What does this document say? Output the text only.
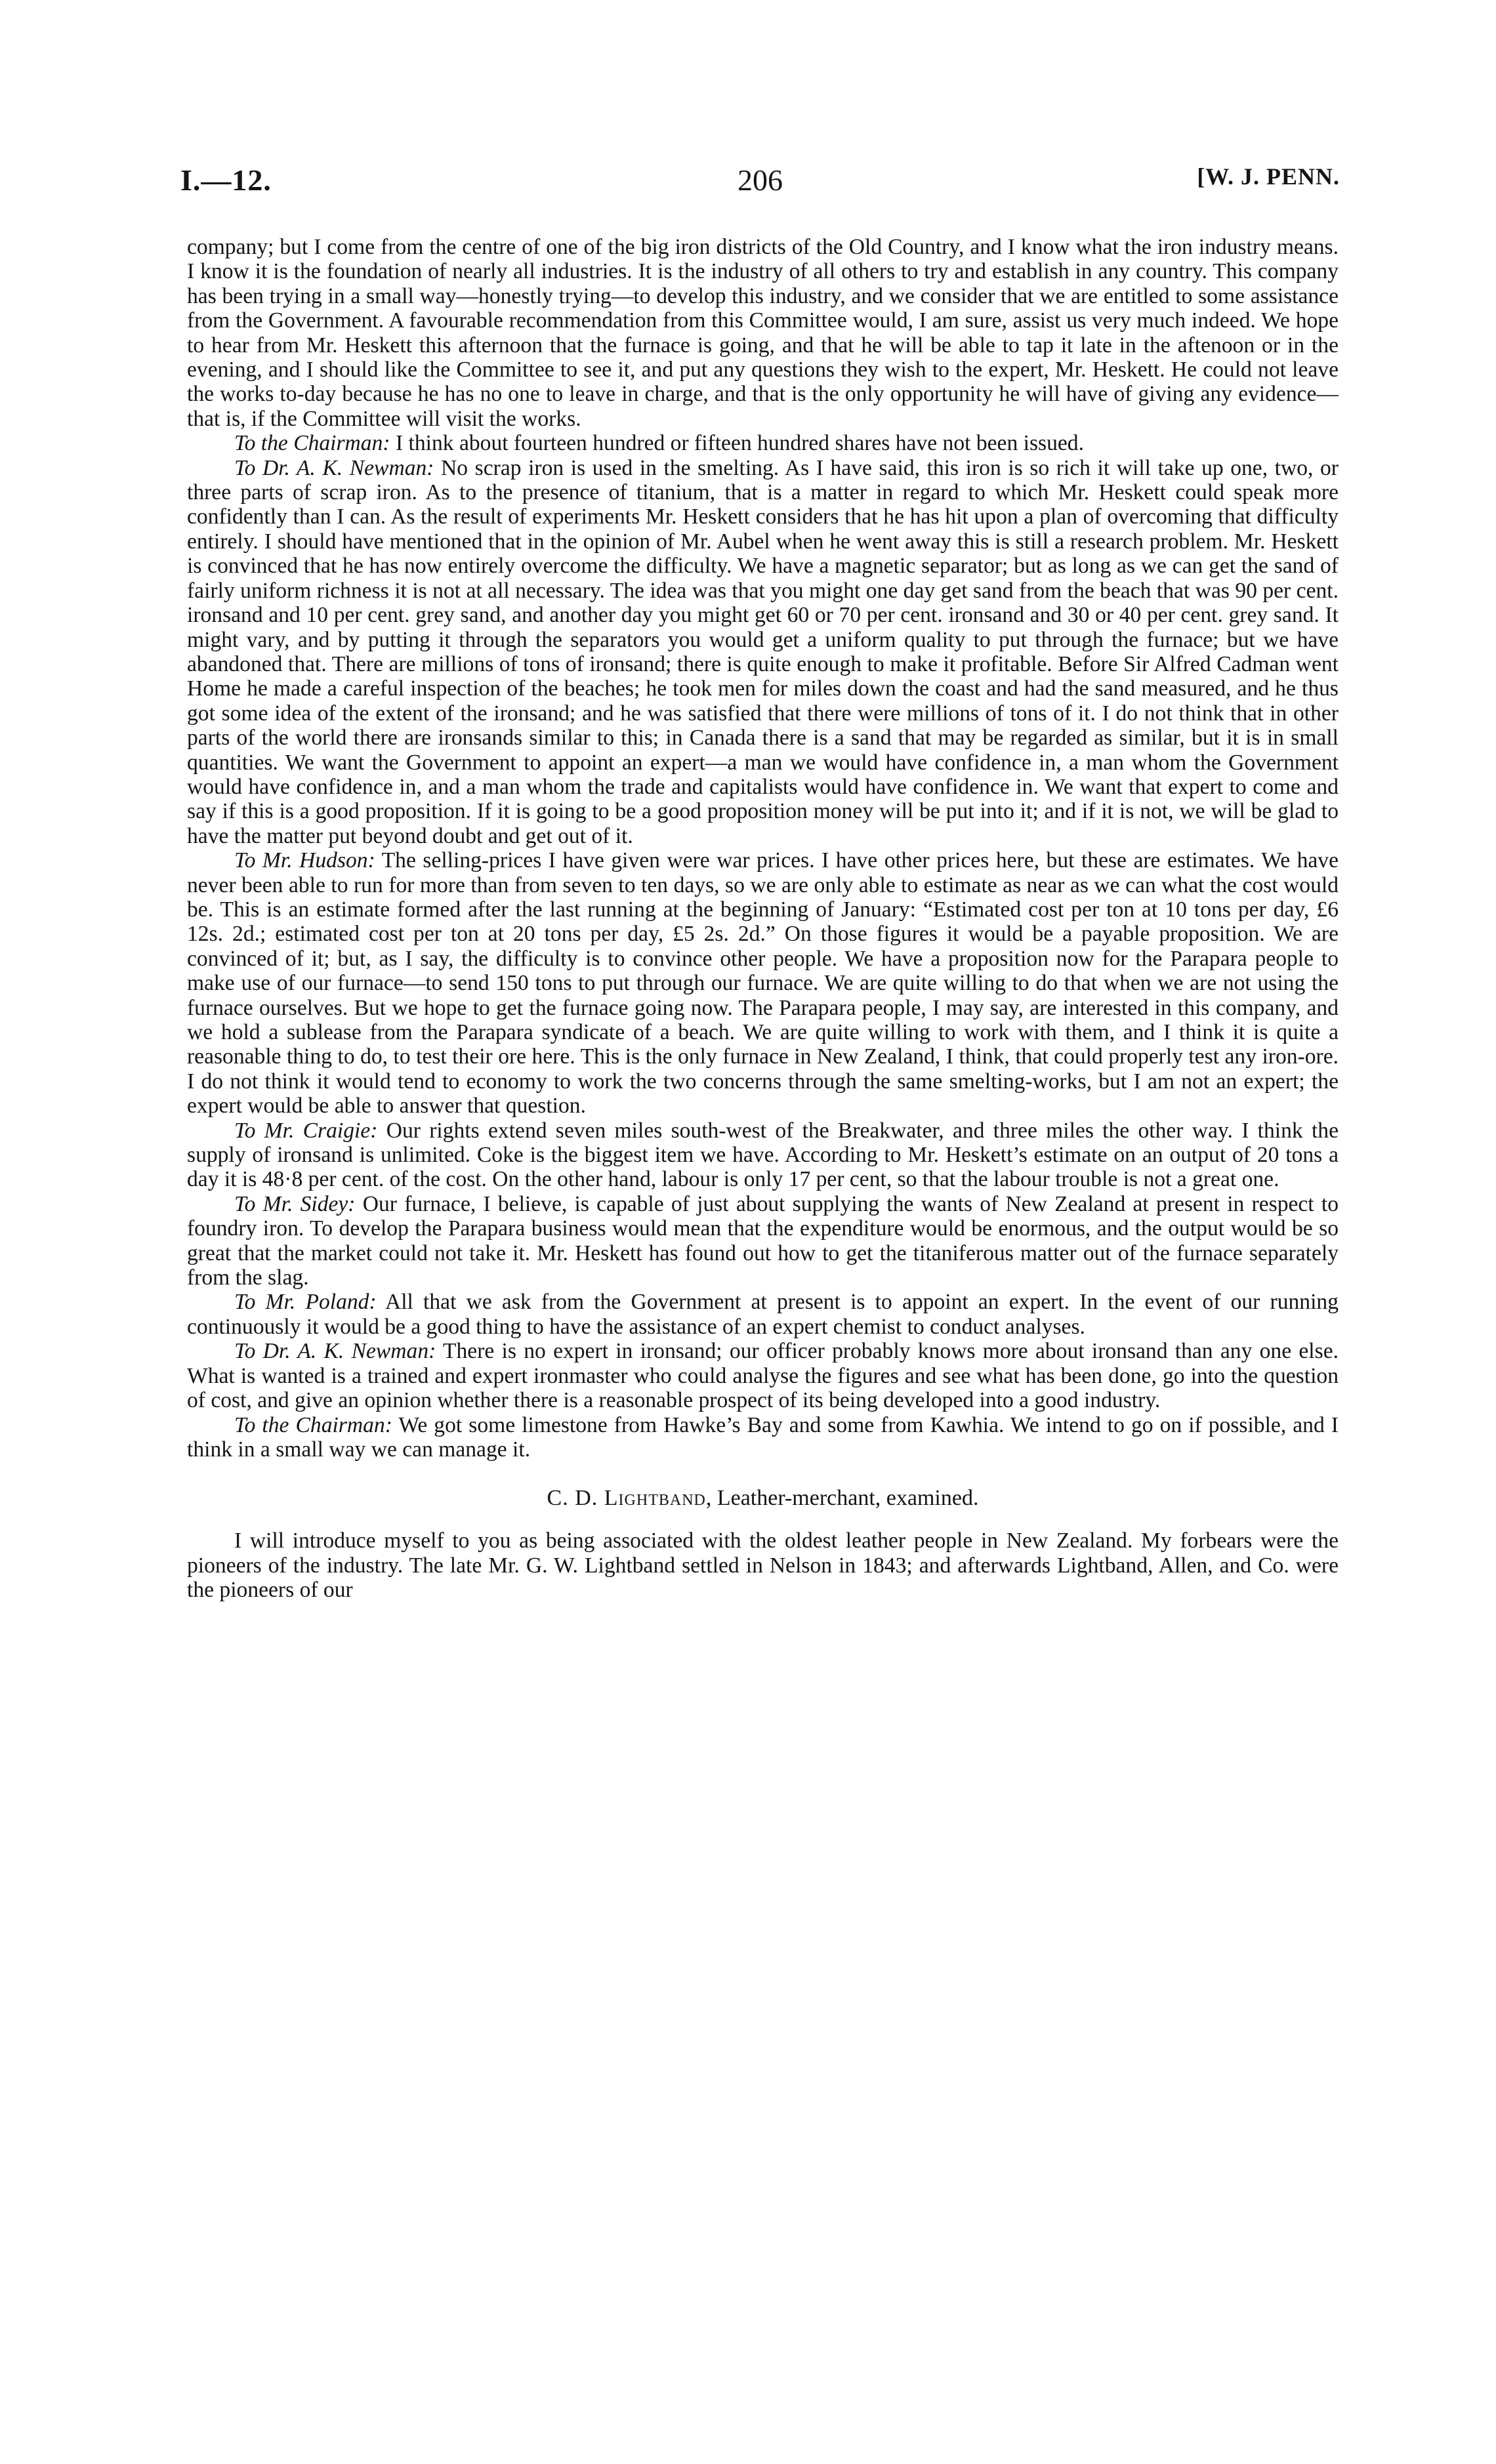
I.—12.	206	[W. J. PENN.

company; but I come from the centre of one of the big iron districts of the Old Country, and I know what the iron industry means. I know it is the foundation of nearly all industries. It is the industry of all others to try and establish in any country. This company has been trying in a small way—honestly trying—to develop this industry, and we consider that we are entitled to some assistance from the Government. A favourable recommendation from this Committee would, I am sure, assist us very much indeed. We hope to hear from Mr. Heskett this afternoon that the furnace is going, and that he will be able to tap it late in the aftenoon or in the evening, and I should like the Committee to see it, and put any questions they wish to the expert, Mr. Heskett. He could not leave the works to-day because he has no one to leave in charge, and that is the only opportunity he will have of giving any evidence—that is, if the Committee will visit the works.

To the Chairman: I think about fourteen hundred or fifteen hundred shares have not been issued.

To Dr. A. K. Newman: No scrap iron is used in the smelting. As I have said, this iron is so rich it will take up one, two, or three parts of scrap iron. As to the presence of titanium, that is a matter in regard to which Mr. Heskett could speak more confidently than I can. As the result of experiments Mr. Heskett considers that he has hit upon a plan of overcoming that difficulty entirely. I should have mentioned that in the opinion of Mr. Aubel when he went away this is still a research problem. Mr. Heskett is convinced that he has now entirely overcome the difficulty. We have a magnetic separator; but as long as we can get the sand of fairly uniform richness it is not at all necessary. The idea was that you might one day get sand from the beach that was 90 per cent. ironsand and 10 per cent. grey sand, and another day you might get 60 or 70 per cent. ironsand and 30 or 40 per cent. grey sand. It might vary, and by putting it through the separators you would get a uniform quality to put through the furnace; but we have abandoned that. There are millions of tons of ironsand; there is quite enough to make it profitable. Before Sir Alfred Cadman went Home he made a careful inspection of the beaches; he took men for miles down the coast and had the sand measured, and he thus got some idea of the extent of the ironsand; and he was satisfied that there were millions of tons of it. I do not think that in other parts of the world there are ironsands similar to this; in Canada there is a sand that may be regarded as similar, but it is in small quantities. We want the Government to appoint an expert—a man we would have confidence in, a man whom the Government would have confidence in, and a man whom the trade and capitalists would have confidence in. We want that expert to come and say if this is a good proposition. If it is going to be a good proposition money will be put into it; and if it is not, we will be glad to have the matter put beyond doubt and get out of it.

To Mr. Hudson: The selling-prices I have given were war prices. I have other prices here, but these are estimates. We have never been able to run for more than from seven to ten days, so we are only able to estimate as near as we can what the cost would be. This is an estimate formed after the last running at the beginning of January: “Estimated cost per ton at 10 tons per day, £6 12s. 2d.; estimated cost per ton at 20 tons per day, £5 2s. 2d.” On those figures it would be a payable proposition. We are convinced of it; but, as I say, the difficulty is to convince other people. We have a proposition now for the Parapara people to make use of our furnace—to send 150 tons to put through our furnace. We are quite willing to do that when we are not using the furnace ourselves. But we hope to get the furnace going now. The Parapara people, I may say, are interested in this company, and we hold a sublease from the Parapara syndicate of a beach. We are quite willing to work with them, and I think it is quite a reasonable thing to do, to test their ore here. This is the only furnace in New Zealand, I think, that could properly test any iron-ore. I do not think it would tend to economy to work the two concerns through the same smelting-works, but I am not an expert; the expert would be able to answer that question.

To Mr. Craigie: Our rights extend seven miles south-west of the Breakwater, and three miles the other way. I think the supply of ironsand is unlimited. Coke is the biggest item we have. According to Mr. Heskett’s estimate on an output of 20 tons a day it is 48·8 per cent. of the cost. On the other hand, labour is only 17 per cent, so that the labour trouble is not a great one.

To Mr. Sidey: Our furnace, I believe, is capable of just about supplying the wants of New Zealand at present in respect to foundry iron. To develop the Parapara business would mean that the expenditure would be enormous, and the output would be so great that the market could not take it. Mr. Heskett has found out how to get the titaniferous matter out of the furnace separately from the slag.

To Mr. Poland: All that we ask from the Government at present is to appoint an expert. In the event of our running continuously it would be a good thing to have the assistance of an expert chemist to conduct analyses.

To Dr. A. K. Newman: There is no expert in ironsand; our officer probably knows more about ironsand than any one else. What is wanted is a trained and expert ironmaster who could analyse the figures and see what has been done, go into the question of cost, and give an opinion whether there is a reasonable prospect of its being developed into a good industry.

To the Chairman: We got some limestone from Hawke’s Bay and some from Kawhia. We intend to go on if possible, and I think in a small way we can manage it.

C. D. Lightband, Leather-merchant, examined.

I will introduce myself to you as being associated with the oldest leather people in New Zealand. My forbears were the pioneers of the industry. The late Mr. G. W. Lightband settled in Nelson in 1843; and afterwards Lightband, Allen, and Co. were the pioneers of our
